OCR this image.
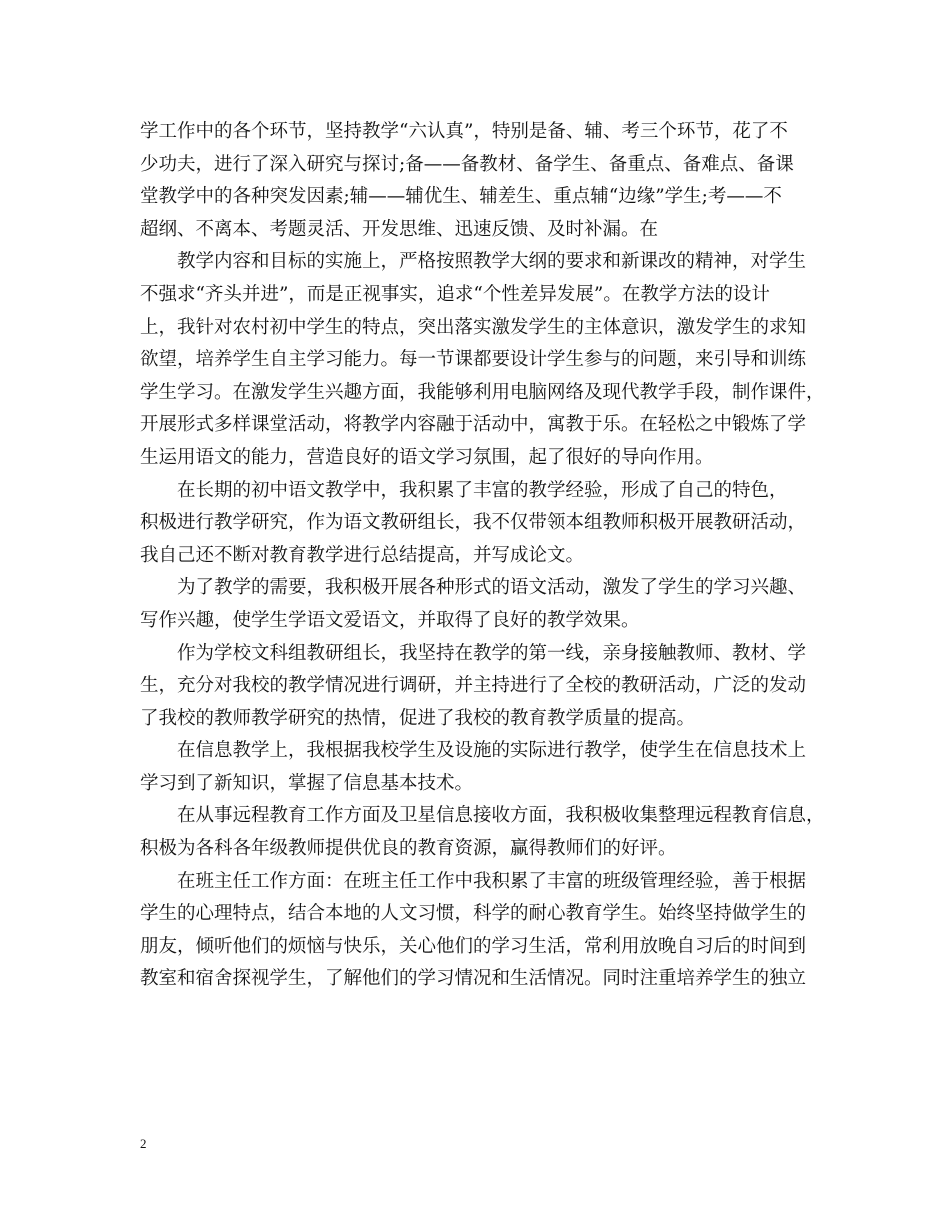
学工作中的各个环节，坚持教学“六认真”，特别是备、辅、考三个环节，花了不
少功夫，进行了深入研究与探讨;备——备教材、备学生、备重点、备难点、备课
堂教学中的各种突发因素;辅——辅优生、辅差生、重点辅“边缘”学生;考——不
超纲、不离本、考题灵活、开发思维、迅速反馈、及时补漏。在
　　教学内容和目标的实施上，严格按照教学大纲的要求和新课改的精神，对学生
不强求“齐头并进”，而是正视事实，追求“个性差异发展”。在教学方法的设计
上，我针对农村初中学生的特点，突出落实激发学生的主体意识，激发学生的求知
欲望，培养学生自主学习能力。每一节课都要设计学生参与的问题，来引导和训练
学生学习。在激发学生兴趣方面，我能够利用电脑网络及现代教学手段，制作课件，
开展形式多样课堂活动，将教学内容融于活动中，寓教于乐。在轻松之中锻炼了学
生运用语文的能力，营造良好的语文学习氛围，起了很好的导向作用。
　　在长期的初中语文教学中，我积累了丰富的教学经验，形成了自己的特色，
积极进行教学研究，作为语文教研组长，我不仅带领本组教师积极开展教研活动，
我自己还不断对教育教学进行总结提高，并写成论文。
　　为了教学的需要，我积极开展各种形式的语文活动，激发了学生的学习兴趣、
写作兴趣，使学生学语文爱语文，并取得了良好的教学效果。
　　作为学校文科组教研组长，我坚持在教学的第一线，亲身接触教师、教材、学
生，充分对我校的教学情况进行调研，并主持进行了全校的教研活动，广泛的发动
了我校的教师教学研究的热情，促进了我校的教育教学质量的提高。
　　在信息教学上，我根据我校学生及设施的实际进行教学，使学生在信息技术上
学习到了新知识，掌握了信息基本技术。
　　在从事远程教育工作方面及卫星信息接收方面，我积极收集整理远程教育信息，
积极为各科各年级教师提供优良的教育资源，赢得教师们的好评。
　　在班主任工作方面：在班主任工作中我积累了丰富的班级管理经验，善于根据
学生的心理特点，结合本地的人文习惯，科学的耐心教育学生。始终坚持做学生的
朋友，倾听他们的烦恼与快乐，关心他们的学习生活，常利用放晚自习后的时间到
教室和宿舍探视学生，了解他们的学习情况和生活情况。同时注重培养学生的独立
2
